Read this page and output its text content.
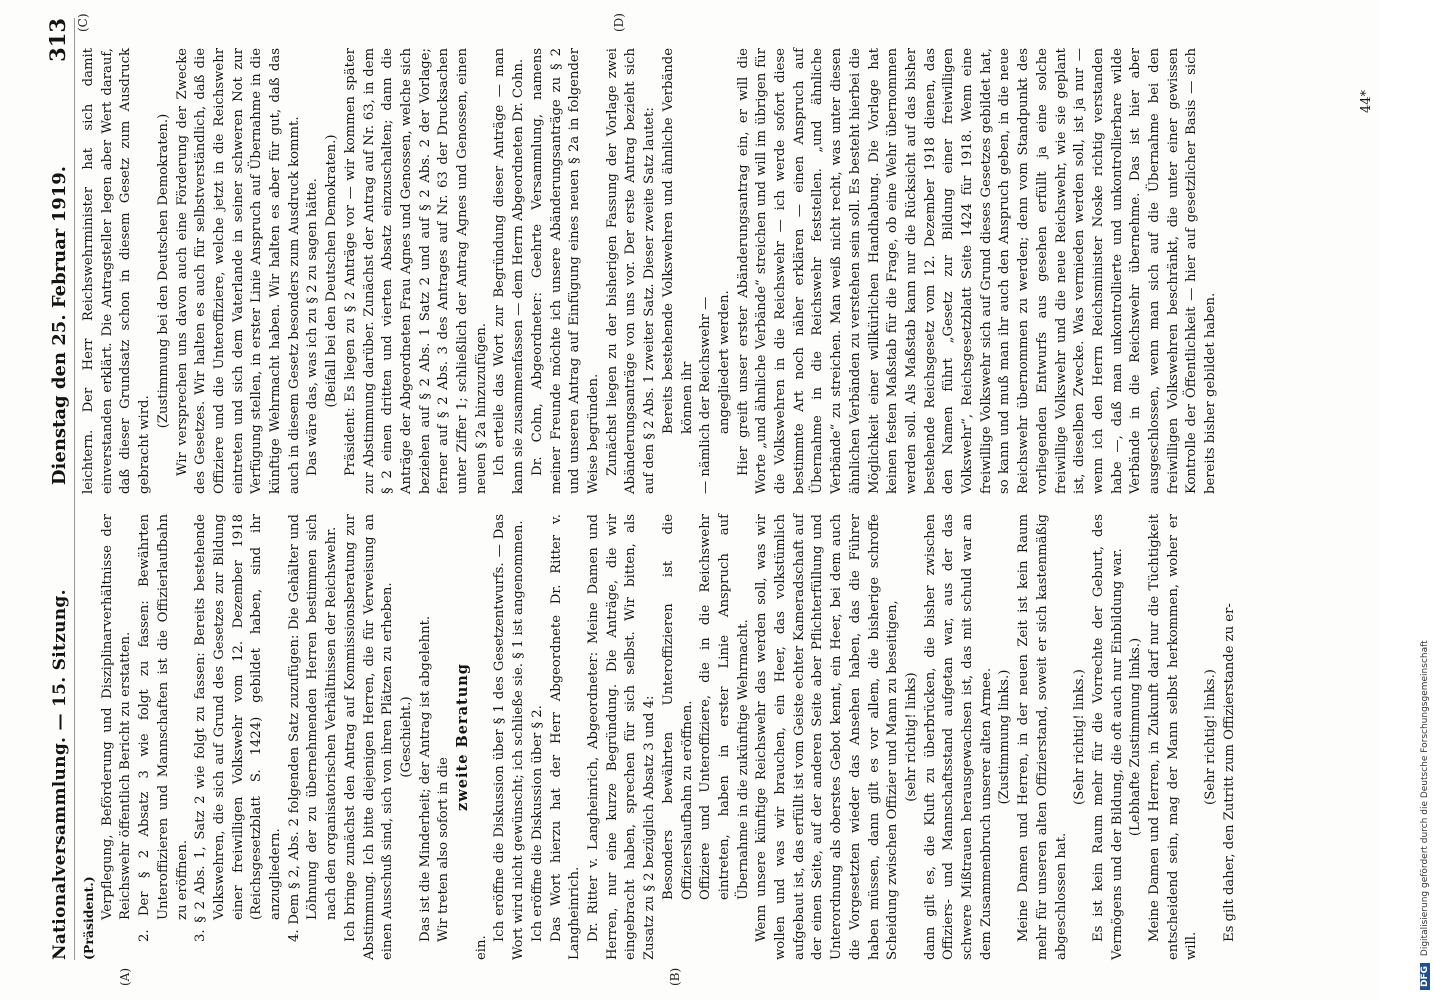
Nationalversammlung. — 15. Sitzung.
Dienstag den 25. Februar 1919.
313
(A)	(B)
(C)	(D)

(Präsident.) Verpflegung, Beförderung und Disziplinarverhältnisse der Reichswehr öffentlich Bericht zu erstatten. 2. Der § 2 Absatz 3 wie folgt zu fassen: Bewährten Unteroffizieren und Mannschaften ist die Offizierlaufbahn zu eröffnen. 3. § 2 Abs. 1, Satz 2 wie folgt zu fassen: Bereits bestehende Volkswehren, die sich auf Grund des Gesetzes zur Bildung einer freiwilligen Volkswehr vom 12. Dezember 1918 (Reichsgesetzblatt S. 1424) gebildet haben, sind ihr anzugliedern. 4. Dem § 2, Abs. 2 folgenden Satz zuzufügen: Die Gehälter und Löhnung der zu übernehmenden Herren bestimmen sich nach den organisatorischen Verhältnissen der Reichswehr. Ich bringe zunächst den Antrag auf Kommissionsberatung zur Abstimmung. Ich bitte diejenigen Herren, die für Verweisung an einen Ausschuß sind, sich von ihren Plätzen zu erheben. (Geschieht.) Das ist die Minderheit; der Antrag ist abgelehnt. Wir treten also sofort in die

zweite Beratung

ein.

Ich eröffne die Diskussion über § 1 des Gesetzentwurfs. — Das Wort wird nicht gewünscht; ich schließe sie. § 1 ist angenommen. Ich eröffne die Diskussion über § 2. Das Wort hierzu hat der Herr Abgeordnete Dr. Ritter v. Langheinrich. Dr. Ritter v. Langheinrich, Abgeordneter: Meine Damen und Herren, nur eine kurze Begründung. Die Anträge, die wir eingebracht haben, sprechen für sich selbst. Wir bitten, als Zusatz zu § 2 bezüglich Absatz 3 und 4: Besonders bewährten Unteroffizieren ist die Offizierslaufbahn zu eröffnen. Offiziere und Unteroffiziere, die in die Reichswehr eintreten, haben in erster Linie Anspruch auf Übernahme in die zukünftige Wehrmacht. Wenn unsere künftige Reichswehr das werden soll, was wir wollen und was wir brauchen, ein Heer, das volkstümlich aufgebaut ist, das erfüllt ist vom Geiste echter Kameradschaft auf der einen Seite, auf der anderen Seite aber Pflichterfüllung und Unterordnung als oberstes Gebot kennt, ein Heer, bei dem auch die Vorgesetzten wieder das Ansehen haben, das die Führer haben müssen, dann gilt es vor allem, die bisherige schroffe Scheidung zwischen Offizier und Mann zu beseitigen, (sehr richtig! links) dann gilt es, die Kluft zu überbrücken, die bisher zwischen Offiziers- und Mannschaftsstand aufgetan war, aus der das schwere Mißtrauen herausgewachsen ist, das mit schuld war an dem Zusammenbruch unserer alten Armee. (Zustimmung links.) Meine Damen und Herren, in der neuen Zeit ist kein Raum mehr für unseren alten Offizierstand, soweit er sich kastenmäßig abgeschlossen hat.

(Sehr richtig! links.) Es ist kein Raum mehr für die Vorrechte der Geburt, des Vermögens und der Bildung, die oft auch nur Einbildung war. (Lebhafte Zustimmung links.) Meine Damen und Herren, in Zukunft darf nur die Tüchtigkeit entscheidend sein, mag der Mann selbst herkommen, woher er will.

(Sehr richtig! links.) Es gilt daher, den Zutritt zum Offizierstande zu er-

leichtern. Der Herr Reichswehrminister hat sich damit einverstanden erklärt. Die Antragsteller legen aber Wert darauf, daß dieser Grundsatz schon in diesem Gesetz zum Ausdruck gebracht wird.

(Zustimmung bei den Deutschen Demokraten.) Wir versprechen uns davon auch eine Förderung der Zwecke des Gesetzes. Wir halten es auch für selbstverständlich, daß die Offiziere und die Unteroffiziere, welche jetzt in die Reichswehr eintreten und sich dem Vaterlande in seiner schweren Not zur Verfügung stellen, in erster Linie Anspruch auf Übernahme in die künftige Wehrmacht haben. Wir halten es aber für gut, daß das auch in diesem Gesetz besonders zum Ausdruck kommt. Das wäre das, was ich zu § 2 zu sagen hätte. (Beifall bei den Deutschen Demokraten.) Präsident: Es liegen zu § 2 Anträge vor — wir kommen später zur Abstimmung darüber. Zunächst der Antrag auf Nr. 63, in dem § 2 einen dritten und vierten Absatz einzuschalten; dann die Anträge der Abgeordneten Frau Agnes und Genossen, welche sich beziehen auf § 2 Abs. 1 Satz 2 und auf § 2 Abs. 2 der Vorlage; ferner auf § 2 Abs. 3 des Antrages auf Nr. 63 der Drucksachen unter Ziffer 1; schließlich der Antrag Agnes und Genossen, einen neuen § 2a hinzuzufügen. Ich erteile das Wort zur Begründung dieser Anträge — man kann sie zusammenfassen — dem Herrn Abgeordneten Dr. Cohn. Dr. Cohn, Abgeordneter: Geehrte Versammlung, namens meiner Freunde möchte ich unsere Abänderungsanträge zu § 2 und unseren Antrag auf Einfügung eines neuen § 2a in folgender Weise begründen. Zunächst liegen zu der bisherigen Fassung der Vorlage zwei Abänderungsanträge von uns vor. Der erste Antrag bezieht sich auf den § 2 Abs. 1 zweiter Satz. Dieser zweite Satz lautet: Bereits bestehende Volkswehren und ähnliche Verbände können ihr — nämlich der Reichswehr — angegliedert werden. Hier greift unser erster Abänderungsantrag ein, er will die Worte „und ähnliche Verbände“ streichen und will im übrigen für die Volkswehren in die Reichswehr — ich werde sofort diese bestimmte Art noch näher erklären — einen Anspruch auf Übernahme in die Reichswehr feststellen. „und ähnliche Verbände“ zu streichen. Man weiß nicht recht, was unter diesen ähnlichen Verbänden zu verstehen sein soll. Es besteht hierbei die Möglichkeit einer willkürlichen Handhabung. Die Vorlage hat keinen festen Maßstab für die Frage, ob eine Wehr übernommen werden soll. Als Maßstab kann nur die Rücksicht auf das bisher bestehende Reichsgesetz vom 12. Dezember 1918 dienen, das den Namen führt „Gesetz zur Bildung einer freiwilligen Volkswehr“, Reichsgesetzblatt Seite 1424 für 1918. Wenn eine freiwillige Volkswehr sich auf Grund dieses Gesetzes gebildet hat, so kann und muß man ihr auch den Anspruch geben, in die neue Reichswehr übernommen zu werden; denn vom Standpunkt des vorliegenden Entwurfs aus gesehen erfüllt ja eine solche freiwillige Volkswehr und die neue Reichswehr, wie sie geplant ist, dieselben Zwecke. Was vermieden werden soll, ist ja nur — wenn ich den Herrn Reichsminister Noske richtig verstanden habe —, daß man unkontrollierte und unkontrollierbare wilde Verbände in die Reichswehr übernehme. Das ist hier aber ausgeschlossen, wenn man sich auf die Übernahme bei den freiwilligen Volkswehren beschränkt, die unter einer gewissen Kontrolle der Öffentlichkeit — hier auf gesetzlicher Basis — sich bereits bisher gebildet haben.

44*
DFG Digitalisierung gefördert durch die Deutsche Forschungsgemeinschaft
